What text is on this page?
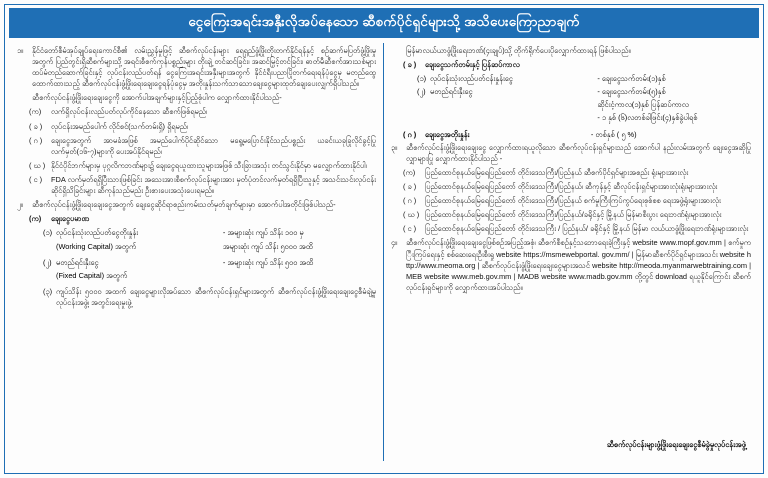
ငွေကြေးအရင်းအနှီးလိုအပ်နေသော ဆီစက်ပိုင်ရှင်များသို့ အသိပေးကြောညာချက်
၁။	နိုင်ငံတော်စီမံအုပ်ချုပ်ရေးကောင်စီ၏ လမ်းညွှန်မှုဖြင့် ဆီစက်လုပ်ငန်းများ ရေရှည်ဖွံ့ဖြိုးတိုးတက်နိုင်ရန်နှင့် စဉ်ဆက်မပြတ်ဖွံ့ဖြိုးမှုအတွက် ပြည်တွင်းရှိဆီစက်များသို့ အရင်းစီစက်ကုန်ပစ္စည်းများ တိုးချဲ့ တင်ဆင်ခြင်း၊ အဆင်မြှင့်တင်ခြင်း၊ ဓာတ်မီဆီစက်အားသစ်များ ထပ်မံတည်ဆောက်ခြင်းနှင့် လုပ်ငန်းလည်ပတ်ရန် ငွေကြေးအရင်းအနှီးများအတွက် နိုင်ငံရီးပညာပြိုတက်ရေးရန်ပုံငွေမှ မတည်ထွေထောက်ထားသည့် ဆီစက်လုပ်ငန်းဖွံ့ဖြိုးရေးချေးငွေရန်ပုံငွေမှ အတိုးနှုန်းသက်သာသောချေးငွေများထုတ်ချေးပေးလျှက်ရှိပါသည်။
ဆီစက်လုပ်ငန်းဖွံ့ဖြိုးရေးချေးငွေကို အောက်ပါအချက်များနှင့်ပြည့်စုံပါက လျှောက်ထားနိုင်ပါသည်-
(က)	လက်ရှိလုပ်ငန်းလည်ပတ်လုပ်ကိုင်နေသော ဆီစက်ဖြစ်ရမည်၊
( ခ )	လုပ်ငန်းအမည်ပေါက် လိုင်စင်(သက်တမ်းရှိ) ရှိရမည်၊
( ဂ )	ချေးငွေအတွက် အာမခံအဖြစ် အမည်ပေါက်ပိုင်ဆိုင်သော မရွေ့မပြောင်းနိုင်သည်ပစ္စည်း ယခင်းယခုခြုလိုင်ခွင့်ပြုလက်မှတ်(၁၆-၇)များကို ပေးအပ်နိုင်ရမည်၊
( ဃ ) နိုင်ငံပိုင်ဘက်များမှ ပုဂ္ဂလိကဘဏ်များ၌ ချေးငွေရယူထားသူများအဖြစ် သီးခြားအသုံး တင်သွင်းနိုင်မှာ မလျှောက်ထားနိုင်ပါ၊
( င )	FDA လက်မှတ်ရရှိပြီးသားဖြစ်ခြင်း အသေးအားစီစက်လုပ်ငန်းများအား မှတ်ပုံတင်လက်မှတ်ရရှိပြီးသူနှင့် အသင်းသင်းလုပ်ငန်းဆိုင်ရှိသိခြင်းများ ဆီကုန်သည်မည်း ဦးစားပေးအသုံးပေးရမည်။
၂။	ဆီစက်လုပ်ငန်းဖွံ့ဖြိုးရေးချေးငွေအတွက် ချေးငွေဆိုင်ရာစည်းကမ်းသတ်မှတ်ချက်များမှာ အောက်ပါအတိုင်းဖြစ်ပါသည်-
(က)	ချေးငွေပမာဏ
(၁) လုပ်ငန်းသုံးလည်ပတ်ငွေတိုးနှုန်း	- အများဆုံး ကျပ် သိန်း ၁၀၀ မှ
(Working Capital) အတွက်	အများဆုံး ကျပ် သိန်း ၅၀၀၀ အထိ
(၂) မတည်ရင်းနှီးငွေ	- အများဆုံး ကျပ် သိန်း ၅၀၀ အထိ
(Fixed Capital) အတွက်
(၃) ကျပ်သိန်း ၅၀၀၀ အထက် ချေးငွေများလိုအပ်သော ဆီစက်လုပ်ငန်းရှင်များအတွက် ဆီစက်လုပ်ငန်းဖွံ့ဖြိုးရေးချေးငွေစီမံချဲ့မှုလုပ်ငန်းအဖွဲ့၊ အတွင်းရေးမှုးဖွဲ့
မြန်မာလယ်ယာဖွံ့ဖြိုးရေးဘဏ်(၄းချုပ်)သို့ တိုက်ရိုက်ပေးပိုလျှောက်ထားရန် ဖြစ်ပါသည်။
( ခ )	ချေးငွေသက်တမ်းနှင့် ပြန်ဆပ်ကာလ
(၁) လုပ်ငန်းသုံးလည်ပတ်ငန်းနှုန်းငွေ	- ချေးငွေသက်တမ်း(၁)နှစ်
(၂) မတည်ရင်းနှီးငွေ	- ချေးငွေသက်တမ်း(၅)နှစ်
ဆိုင်းငံ့ကာလ(၁)နှစ် ပြန်ဆပ်ကာလ
- ၁ နှစ် (၆)လတစ်ခါဖြင်း(၄)နှစ်ခွဲပါရစ်
( ဂ )	ချေးငွေအတိုးနှုန်း	- တစ်နှစ် ( ၅ %)
၃။	ဆီစက်လုပ်ငန်းဖွံ့ဖြိုးရေးချေးငွေ လျှောက်ထားရယူလိုသော ဆီစက်လုပ်ငန်းရှင်များသည် အောက်ပါ နည်းလမ်းအတွက် ချေးငွေအဆိုပြုလျှာများပြု လျှောက်ထားနိုင်ပါသည် -
(က)	ပြည်ထောင်စုနယ်မြေရေပြည်တော် တိုင်းဒေသကြီး/ပြည်နယ် ဆီစက်ပိုင်ရှင်များအစည်း ရုံးများအားလုံး
( ခ )	ပြည်ထောင်စုနယ်မြေရေပြည်တော် တိုင်းဒေသကြီး/ပြည်နယ်၊ ဆီကုန်နှင့် ဆီလုပ်ငန်းရှင်များအားလုံးရုံးများအားလုံး
( ဂ )	ပြည်ထောင်စုနယ်မြေရေပြည်တော် တိုင်းဒေသကြီး/ပြည်နယ် စက်မှုကြီးကြပ်ကွပ်ရေးစုစ်စစ ရေးအဖွဲ့ရုံးများအားလုံး
( ဃ ) ပြည်ထောင်စုနယ်မြေရေပြည်တော် တိုင်းဒေသကြီး/ပြည်နယ်/ခရိုင်နှင့် မြို့နယ် မြန်မာစီးပွား ရေးဘဏ်ရုံးများအားလုံး
( င )	ပြည်ထောင်စုနယ်မြေရေပြည်တော် တိုင်းဒေသကြီး / ပြည်နယ်/ ခရိုင်နှင့် မြို့နယ် မြန်မာ လယ်ယာဖွံ့ဖြိုးရေးဘဏ်ရုံးများအားလုံး
၄။	ဆီစက်လုပ်ငန်းဖွံ့ဖြိုးရေးချေးငွေဖြစ်စဉ်အပြည့်အစုံ၊ ဆီစက်စီစဉ်နှင့်သဘောရေးခဲ့ကြီးနှင့် website www.mopf.gov.mm | စက်မှုကြီးကြပ်ရေးနှင့် စစ်ဆေးရေးဦးစီးရှု website https://msmewebportal. gov.mm/ | မြန်မာဆီစက်ပိုင်ရှင်များအသင်း website http://www.meoma.org | ဆီစက်လုပ်ငန်းဖွံ့ဖြိုးရေးချေးငွေများအသင် website http://meoda.myanmarwebtraining.com | MEB website www.meb.gov.mm | MADB website www.madb.gov.mm တို့တွင် download ရယူနိုင်ကြောင်း ဆီစက်လုပ်ငန်းရှင်များကို လျှောက်ထားအပ်ပါသည်။
ဆီစက်လုပ်ငန်းများဖွံ့ဖြိုးရေးချေးငွေစီမံခွဲမှုလုပ်ငန်းအဖွဲ့
